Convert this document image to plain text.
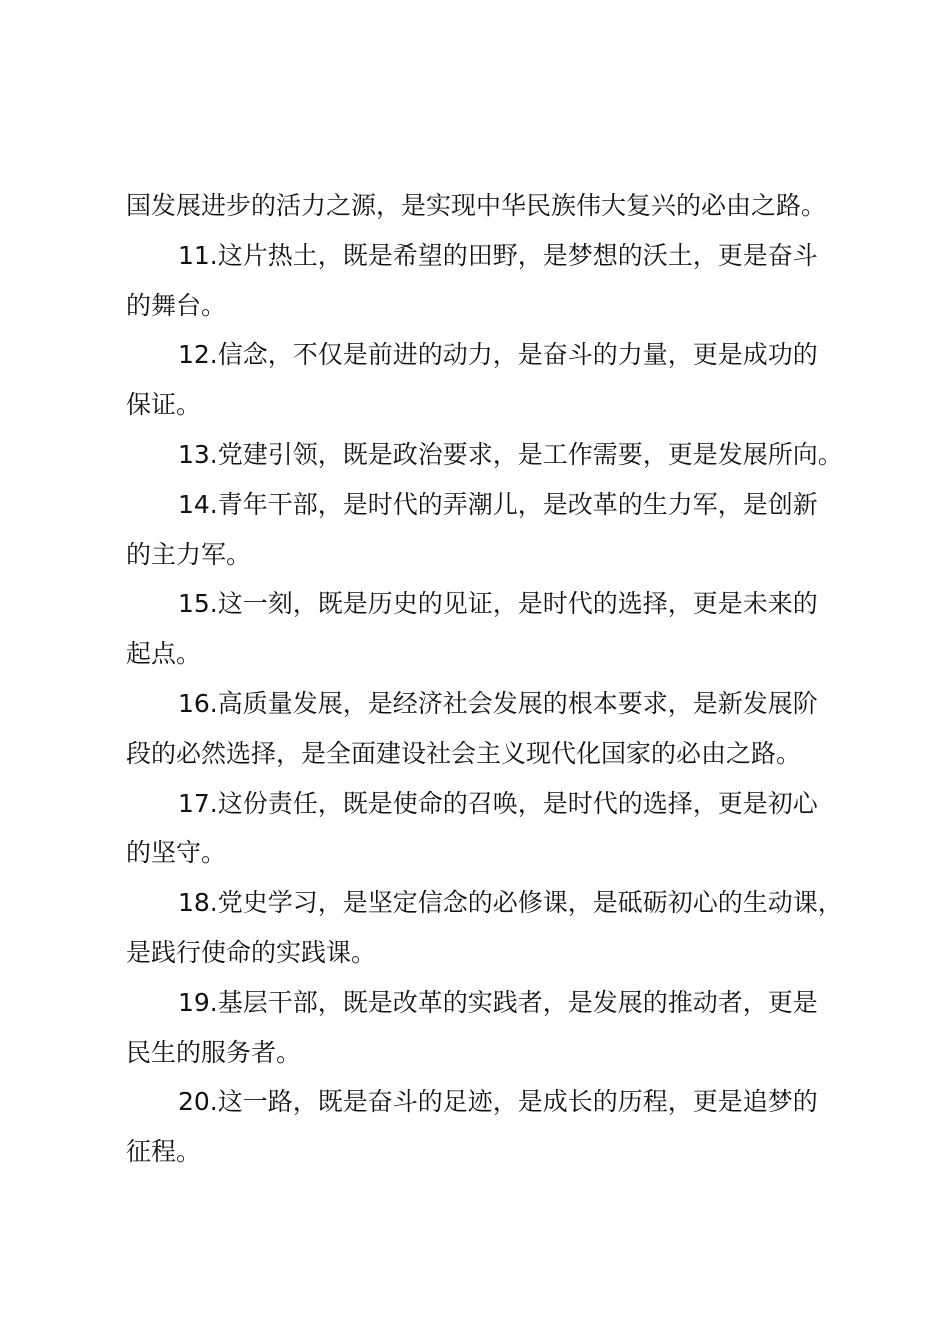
国发展进步的活力之源，是实现中华民族伟大复兴的必由之路。

11.这片热土，既是希望的田野，是梦想的沃土，更是奋斗

的舞台。

12.信念，不仅是前进的动力，是奋斗的力量，更是成功的

保证。

13.党建引领，既是政治要求，是工作需要，更是发展所向。

14.青年干部，是时代的弄潮儿，是改革的生力军，是创新

的主力军。

15.这一刻，既是历史的见证，是时代的选择，更是未来的

起点。

16.高质量发展，是经济社会发展的根本要求，是新发展阶

段的必然选择，是全面建设社会主义现代化国家的必由之路。

17.这份责任，既是使命的召唤，是时代的选择，更是初心

的坚守。

18.党史学习，是坚定信念的必修课，是砥砺初心的生动课，

是践行使命的实践课。

19.基层干部，既是改革的实践者，是发展的推动者，更是

民生的服务者。

20.这一路，既是奋斗的足迹，是成长的历程，更是追梦的

征程。
